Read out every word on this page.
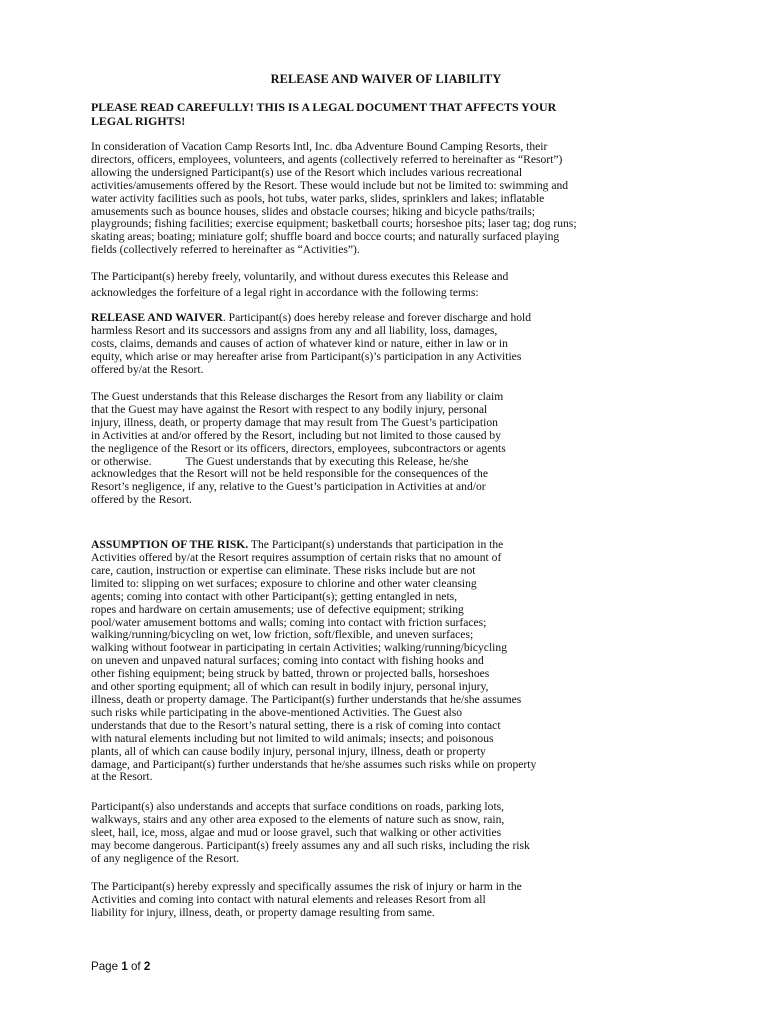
RELEASE AND WAIVER OF LIABILITY
PLEASE READ CAREFULLY! THIS IS A LEGAL DOCUMENT THAT AFFECTS YOUR
LEGAL RIGHTS!
In consideration of Vacation Camp Resorts Intl, Inc. dba Adventure Bound Camping Resorts, their
directors, officers, employees, volunteers, and agents (collectively referred to hereinafter as “Resort”)
allowing the undersigned Participant(s) use of the Resort which includes various recreational
activities/amusements offered by the Resort. These would include but not be limited to: swimming and
water activity facilities such as pools, hot tubs, water parks, slides, sprinklers and lakes; inflatable
amusements such as bounce houses, slides and obstacle courses; hiking and bicycle paths/trails;
playgrounds; fishing facilities; exercise equipment; basketball courts; horseshoe pits; laser tag; dog runs;
skating areas; boating; miniature golf; shuffle board and bocce courts; and naturally surfaced playing
fields (collectively referred to hereinafter as “Activities”).
The Participant(s) hereby freely, voluntarily, and without duress executes this Release and
acknowledges the forfeiture of a legal right in accordance with the following terms:
RELEASE AND WAIVER. Participant(s) does hereby release and forever discharge and hold
harmless Resort and its successors and assigns from any and all liability, loss, damages,
costs, claims, demands and causes of action of whatever kind or nature, either in law or in
equity, which arise or may hereafter arise from Participant(s)’s participation in any Activities
offered by/at the Resort.
The Guest understands that this Release discharges the Resort from any liability or claim
that the Guest may have against the Resort with respect to any bodily injury, personal
injury, illness, death, or property damage that may result from The Guest’s participation
in Activities at and/or offered by the Resort, including but not limited to those caused by
the negligence of the Resort or its officers, directors, employees, subcontractors or agents
or otherwise.	The Guest understands that by executing this Release, he/she
acknowledges that the Resort will not be held responsible for the consequences of the
Resort’s negligence, if any, relative to the Guest’s participation in Activities at and/or
offered by the Resort.
ASSUMPTION OF THE RISK. The Participant(s) understands that participation in the
Activities offered by/at the Resort requires assumption of certain risks that no amount of
care, caution, instruction or expertise can eliminate. These risks include but are not
limited to: slipping on wet surfaces; exposure to chlorine and other water cleansing
agents; coming into contact with other Participant(s); getting entangled in nets,
ropes and hardware on certain amusements; use of defective equipment; striking
pool/water amusement bottoms and walls; coming into contact with friction surfaces;
walking/running/bicycling on wet, low friction, soft/flexible, and uneven surfaces;
walking without footwear in participating in certain Activities; walking/running/bicycling
on uneven and unpaved natural surfaces; coming into contact with fishing hooks and
other fishing equipment; being struck by batted, thrown or projected balls, horseshoes
and other sporting equipment; all of which can result in bodily injury, personal injury,
illness, death or property damage. The Participant(s) further understands that he/she assumes
such risks while participating in the above-mentioned Activities. The Guest also
understands that due to the Resort’s natural setting, there is a risk of coming into contact
with natural elements including but not limited to wild animals; insects; and poisonous
plants, all of which can cause bodily injury, personal injury, illness, death or property
damage, and Participant(s) further understands that he/she assumes such risks while on property
at the Resort.
Participant(s) also understands and accepts that surface conditions on roads, parking lots,
walkways, stairs and any other area exposed to the elements of nature such as snow, rain,
sleet, hail, ice, moss, algae and mud or loose gravel, such that walking or other activities
may become dangerous. Participant(s) freely assumes any and all such risks, including the risk
of any negligence of the Resort.
The Participant(s) hereby expressly and specifically assumes the risk of injury or harm in the
Activities and coming into contact with natural elements and releases Resort from all
liability for injury, illness, death, or property damage resulting from same.
Page 1 of 2
